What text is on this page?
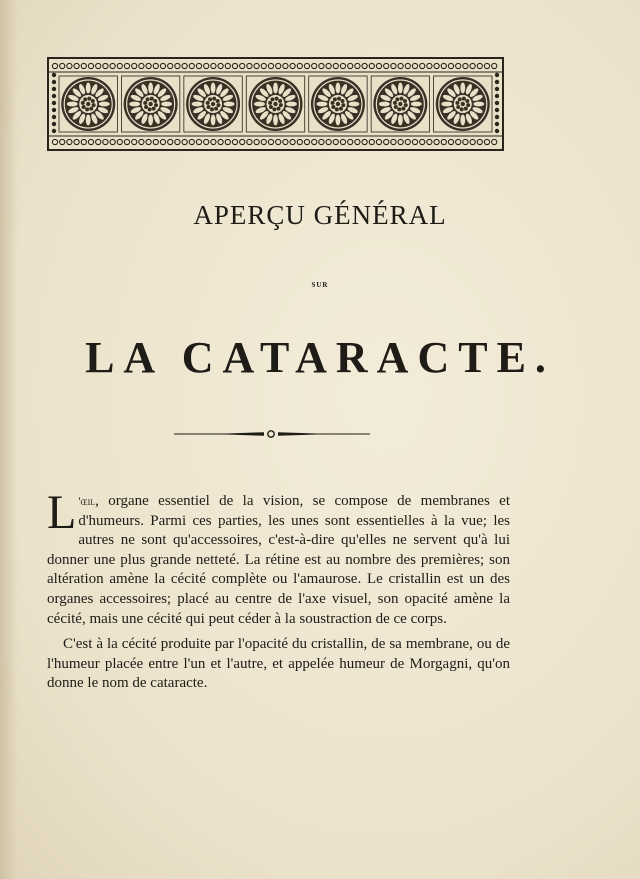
APERÇU GÉNÉRAL
SUR
LA CATARACTE.

L 'œil, organe essentiel de la vision, se compose de membranes et d'humeurs. Parmi ces parties, les unes sont essentielles à la vue; les autres ne sont qu'accessoires, c'est-à-dire qu'elles ne servent qu'à lui donner une plus grande netteté. La rétine est au nombre des premières; son altération amène la cécité complète ou l'amaurose. Le cristallin est un des organes accessoires; placé au centre de l'axe visuel, son opacité amène la cécité, mais une cécité qui peut céder à la soustraction de ce corps.

C'est à la cécité produite par l'opacité du cristallin, de sa membrane, ou de l'humeur placée entre l'un et l'autre, et appelée humeur de Morgagni, qu'on donne le nom de cataracte.
